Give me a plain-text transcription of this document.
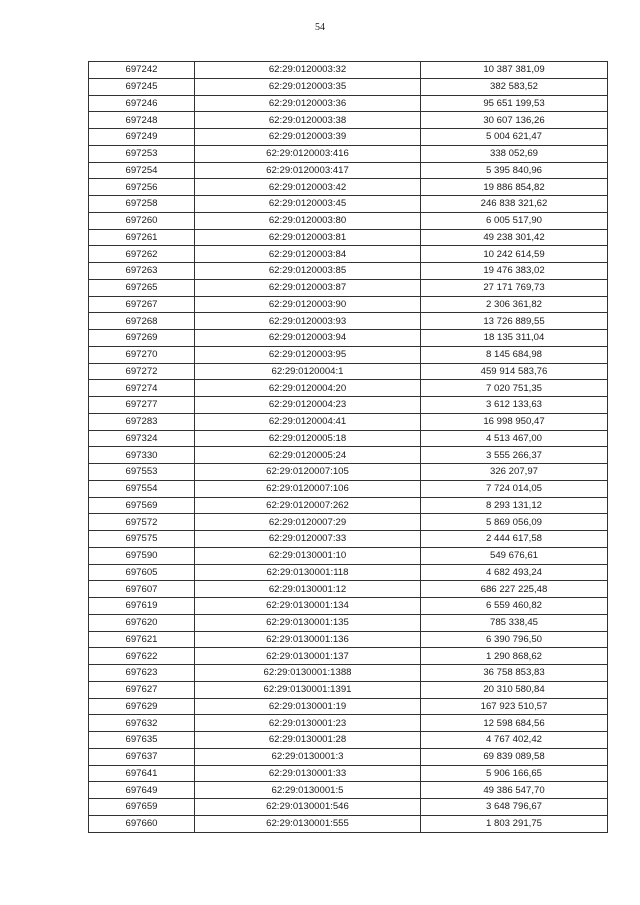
54
697242	62:29:0120003:32	10 387 381,09
697245	62:29:0120003:35	382 583,52
697246	62:29:0120003:36	95 651 199,53
697248	62:29:0120003:38	30 607 136,26
697249	62:29:0120003:39	5 004 621,47
697253	62:29:0120003:416	338 052,69
697254	62:29:0120003:417	5 395 840,96
697256	62:29:0120003:42	19 886 854,82
697258	62:29:0120003:45	246 838 321,62
697260	62:29:0120003:80	6 005 517,90
697261	62:29:0120003:81	49 238 301,42
697262	62:29:0120003:84	10 242 614,59
697263	62:29:0120003:85	19 476 383,02
697265	62:29:0120003:87	27 171 769,73
697267	62:29:0120003:90	2 306 361,82
697268	62:29:0120003:93	13 726 889,55
697269	62:29:0120003:94	18 135 311,04
697270	62:29:0120003:95	8 145 684,98
697272	62:29:0120004:1	459 914 583,76
697274	62:29:0120004:20	7 020 751,35
697277	62:29:0120004:23	3 612 133,63
697283	62:29:0120004:41	16 998 950,47
697324	62:29:0120005:18	4 513 467,00
697330	62:29:0120005:24	3 555 266,37
697553	62:29:0120007:105	326 207,97
697554	62:29:0120007:106	7 724 014,05
697569	62:29:0120007:262	8 293 131,12
697572	62:29:0120007:29	5 869 056,09
697575	62:29:0120007:33	2 444 617,58
697590	62:29:0130001:10	549 676,61
697605	62:29:0130001:118	4 682 493,24
697607	62:29:0130001:12	686 227 225,48
697619	62:29:0130001:134	6 559 460,82
697620	62:29:0130001:135	785 338,45
697621	62:29:0130001:136	6 390 796,50
697622	62:29:0130001:137	1 290 868,62
697623	62:29:0130001:1388	36 758 853,83
697627	62:29:0130001:1391	20 310 580,84
697629	62:29:0130001:19	167 923 510,57
697632	62:29:0130001:23	12 598 684,56
697635	62:29:0130001:28	4 767 402,42
697637	62:29:0130001:3	69 839 089,58
697641	62:29:0130001:33	5 906 166,65
697649	62:29:0130001:5	49 386 547,70
697659	62:29:0130001:546	3 648 796,67
697660	62:29:0130001:555	1 803 291,75
